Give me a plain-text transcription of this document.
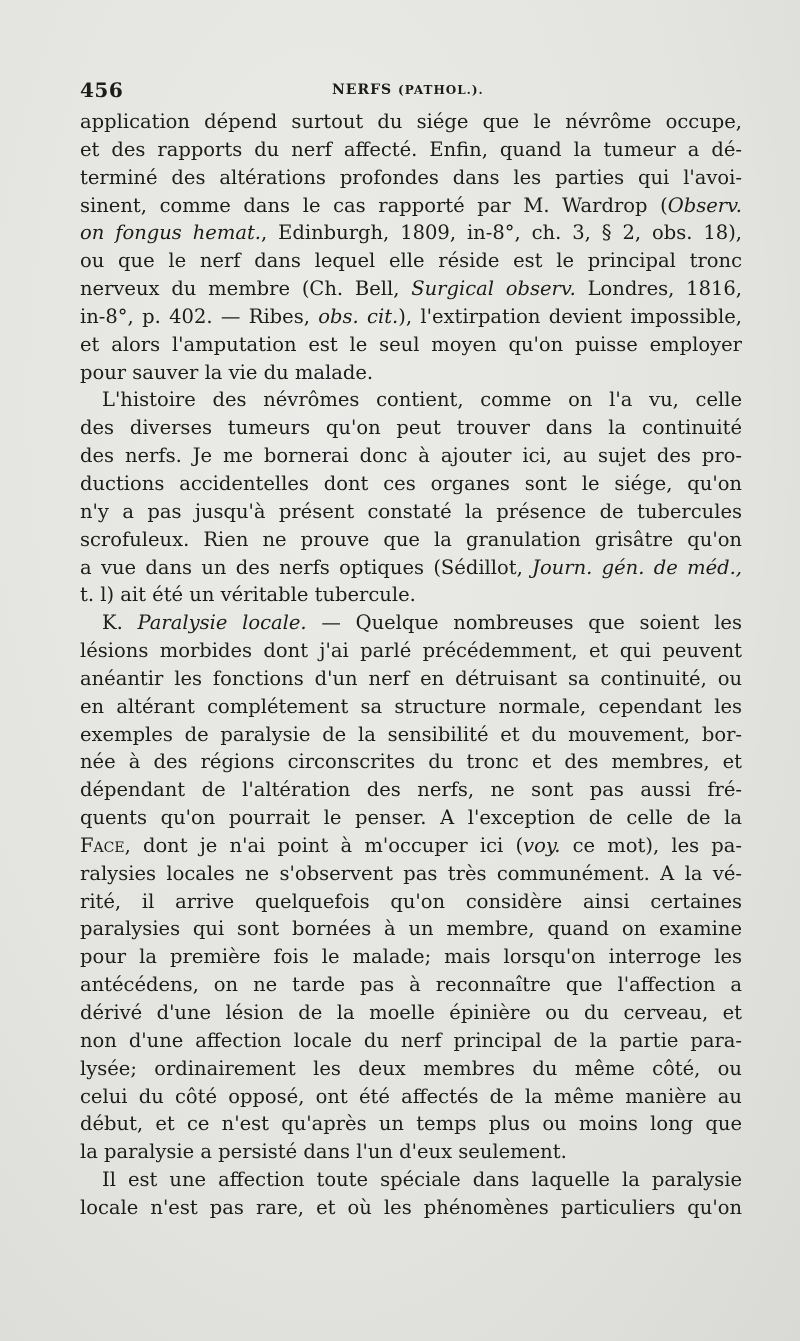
456	NERFS (PATHOL.).
application dépend surtout du siége que le névrôme occupe,
et des rapports du nerf affecté. Enfin, quand la tumeur a dé-
terminé des altérations profondes dans les parties qui l'avoi-
sinent, comme dans le cas rapporté par M. Wardrop (Observ.
on fongus hemat., Edinburgh, 1809, in-8°, ch. 3, § 2, obs. 18),
ou que le nerf dans lequel elle réside est le principal tronc
nerveux du membre (Ch. Bell, Surgical observ. Londres, 1816,
in-8°, p. 402. — Ribes, obs. cit.), l'extirpation devient impossible,
et alors l'amputation est le seul moyen qu'on puisse employer
pour sauver la vie du malade.
L'histoire des névrômes contient, comme on l'a vu, celle
des diverses tumeurs qu'on peut trouver dans la continuité
des nerfs. Je me bornerai donc à ajouter ici, au sujet des pro-
ductions accidentelles dont ces organes sont le siége, qu'on
n'y a pas jusqu'à présent constaté la présence de tubercules
scrofuleux. Rien ne prouve que la granulation grisâtre qu'on
a vue dans un des nerfs optiques (Sédillot, Journ. gén. de méd.,
t. l) ait été un véritable tubercule.
K. Paralysie locale. — Quelque nombreuses que soient les
lésions morbides dont j'ai parlé précédemment, et qui peuvent
anéantir les fonctions d'un nerf en détruisant sa continuité, ou
en altérant complétement sa structure normale, cependant les
exemples de paralysie de la sensibilité et du mouvement, bor-
née à des régions circonscrites du tronc et des membres, et
dépendant de l'altération des nerfs, ne sont pas aussi fré-
quents qu'on pourrait le penser. A l'exception de celle de la
Face, dont je n'ai point à m'occuper ici (voy. ce mot), les pa-
ralysies locales ne s'observent pas très communément. A la vé-
rité, il arrive quelquefois qu'on considère ainsi certaines
paralysies qui sont bornées à un membre, quand on examine
pour la première fois le malade; mais lorsqu'on interroge les
antécédens, on ne tarde pas à reconnaître que l'affection a
dérivé d'une lésion de la moelle épinière ou du cerveau, et
non d'une affection locale du nerf principal de la partie para-
lysée; ordinairement les deux membres du même côté, ou
celui du côté opposé, ont été affectés de la même manière au
début, et ce n'est qu'après un temps plus ou moins long que
la paralysie a persisté dans l'un d'eux seulement.
Il est une affection toute spéciale dans laquelle la paralysie
locale n'est pas rare, et où les phénomènes particuliers qu'on
